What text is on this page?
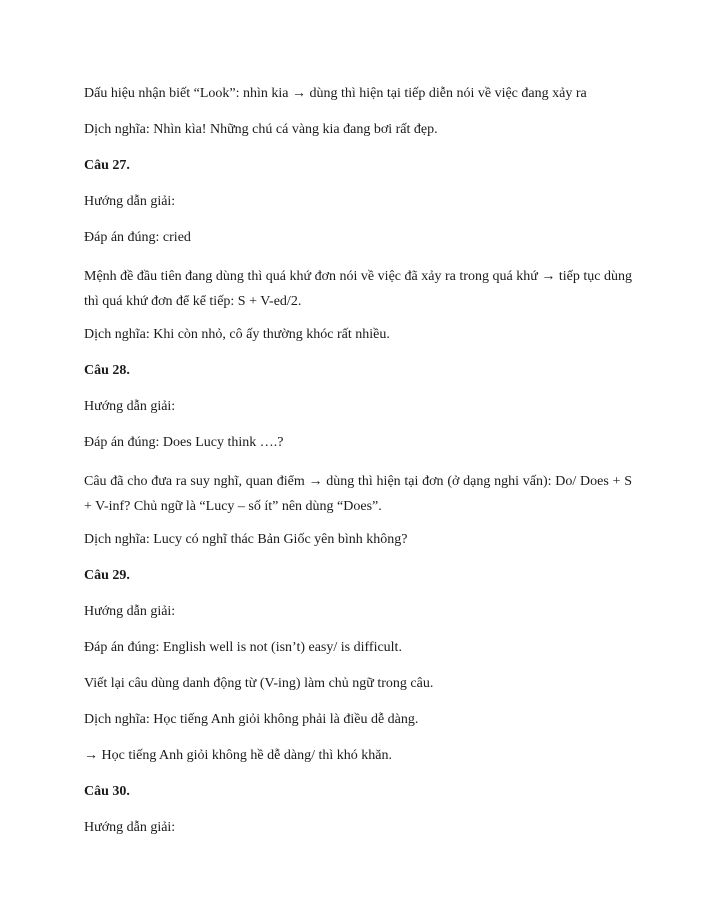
Dấu hiệu nhận biết “Look”: nhìn kia → dùng thì hiện tại tiếp diễn nói về việc đang xảy ra

Dịch nghĩa: Nhìn kìa! Những chú cá vàng kia đang bơi rất đẹp.

Câu 27.

Hướng dẫn giải:

Đáp án đúng: cried

Mệnh đề đầu tiên đang dùng thì quá khứ đơn nói về việc đã xảy ra trong quá khứ → tiếp tục dùng thì quá khứ đơn để kể tiếp: S + V-ed/2.

Dịch nghĩa: Khi còn nhỏ, cô ấy thường khóc rất nhiều.

Câu 28.

Hướng dẫn giải:

Đáp án đúng: Does Lucy think ….?

Câu đã cho đưa ra suy nghĩ, quan điểm → dùng thì hiện tại đơn (ở dạng nghi vấn): Do/ Does + S + V-inf? Chủ ngữ là “Lucy – số ít” nên dùng “Does”.

Dịch nghĩa: Lucy có nghĩ thác Bản Giốc yên bình không?

Câu 29.

Hướng dẫn giải:

Đáp án đúng: English well is not (isn’t) easy/ is difficult.

Viết lại câu dùng danh động từ (V-ing) làm chủ ngữ trong câu.

Dịch nghĩa: Học tiếng Anh giỏi không phải là điều dễ dàng.

→ Học tiếng Anh giỏi không hề dễ dàng/ thì khó khăn.

Câu 30.

Hướng dẫn giải:
